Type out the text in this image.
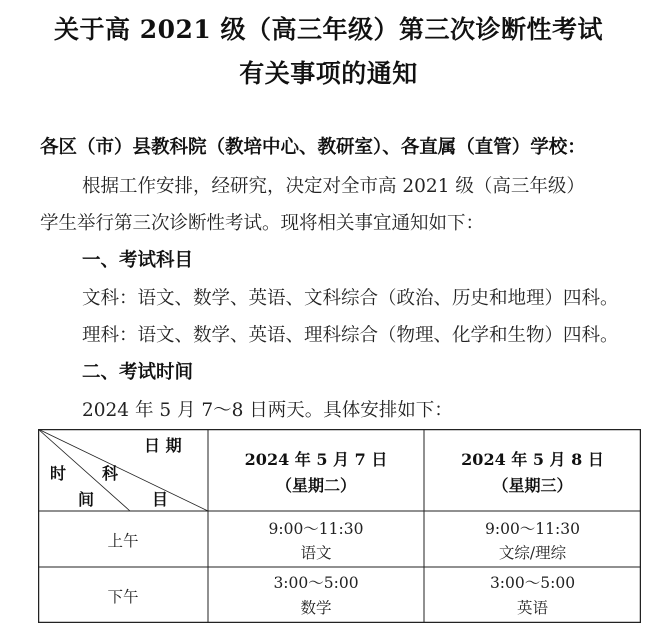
关于高 2021 级（高三年级）第三次诊断性考试
有关事项的通知
各区（市）县教科院（教培中心、教研室）、各直属（直管）学校：
根据工作安排，经研究，决定对全市高 2021 级（高三年级）
学生举行第三次诊断性考试。现将相关事宜通知如下：
一、考试科目
文科：语文、数学、英语、文科综合（政治、历史和地理）四科。
理科：语文、数学、英语、理科综合（物理、化学和生物）四科。
二、考试时间
2024 年 5 月 7～8 日两天。具体安排如下：
日 期
时 科
间	目
2024 年 5 月 7 日
（星期二）
2024 年 5 月 8 日
（星期三）
上午
9:00～11:30
语文
9:00～11:30
文综/理综
下午
3:00～5:00
数学
3:00～5:00
英语
